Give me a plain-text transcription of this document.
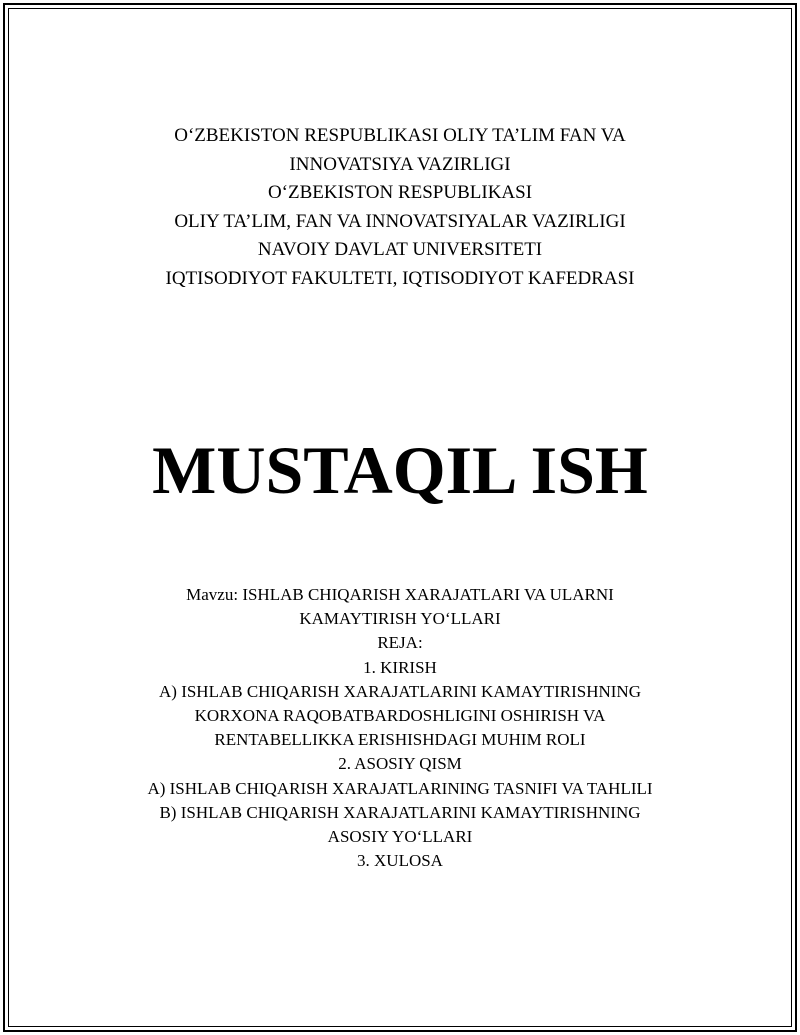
O‘ZBEKISTON RESPUBLIKASI OLIY TA’LIM FAN VA
INNOVATSIYA VAZIRLIGI
O‘ZBEKISTON RESPUBLIKASI
OLIY TA’LIM, FAN VA INNOVATSIYALAR VAZIRLIGI
NAVOIY DAVLAT UNIVERSITETI
IQTISODIYOT FAKULTETI, IQTISODIYOT KAFEDRASI
MUSTAQIL ISH
Mavzu: ISHLAB CHIQARISH XARAJATLARI VA ULARNI
KAMAYTIRISH YO‘LLARI
REJA:
1. KIRISH
A) ISHLAB CHIQARISH XARAJATLARINI KAMAYTIRISHNING
KORXONA RAQOBATBARDOSHLIGINI OSHIRISH VA
RENTABELLIKKA ERISHISHDAGI MUHIM ROLI
2. ASOSIY QISM
A) ISHLAB CHIQARISH XARAJATLARINING TASNIFI VA TAHLILI
B) ISHLAB CHIQARISH XARAJATLARINI KAMAYTIRISHNING
ASOSIY YO‘LLARI
3. XULOSA
